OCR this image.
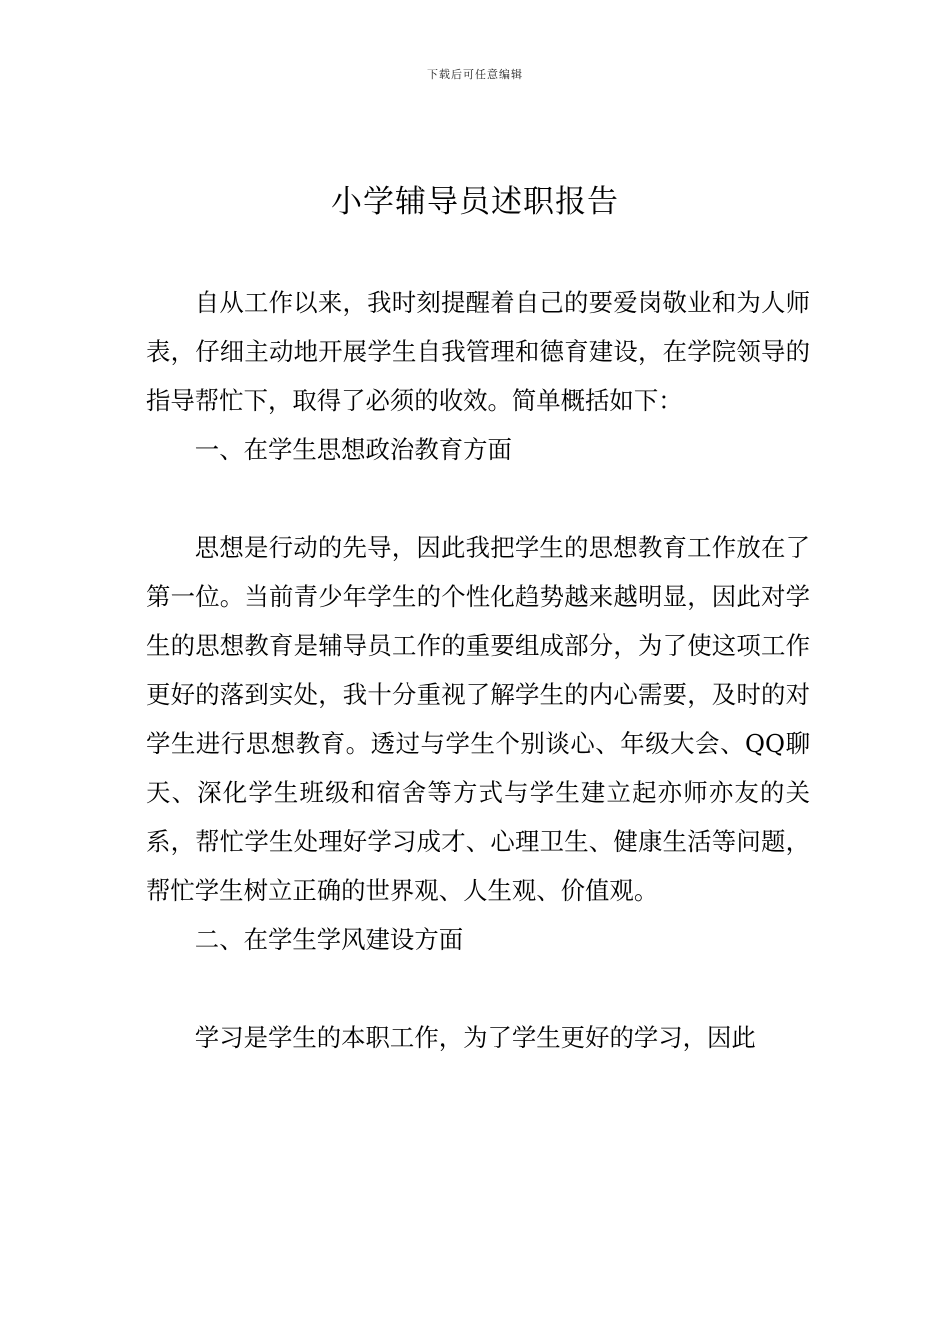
下载后可任意编辑
小学辅导员述职报告

自从工作以来，我时刻提醒着自己的要爱岗敬业和为人师表，仔细主动地开展学生自我管理和德育建设，在学院领导的指导帮忙下，取得了必须的收效。简单概括如下：

一、在学生思想政治教育方面

思想是行动的先导，因此我把学生的思想教育工作放在了第一位。当前青少年学生的个性化趋势越来越明显，因此对学生的思想教育是辅导员工作的重要组成部分，为了使这项工作更好的落到实处，我十分重视了解学生的内心需要，及时的对学生进行思想教育。透过与学生个别谈心、年级大会、QQ聊天、深化学生班级和宿舍等方式与学生建立起亦师亦友的关系，帮忙学生处理好学习成才、心理卫生、健康生活等问题，帮忙学生树立正确的世界观、人生观、价值观。

二、在学生学风建设方面

学习是学生的本职工作，为了学生更好的学习，因此
